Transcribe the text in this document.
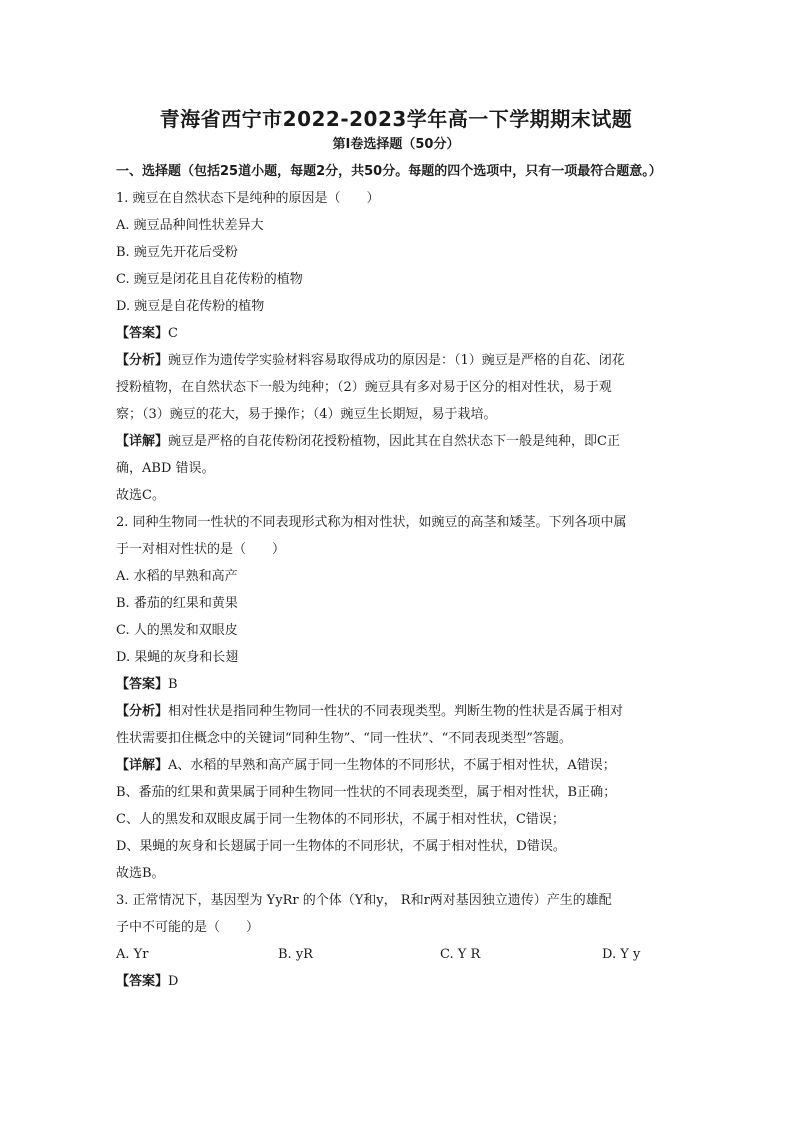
青海省西宁市2022-2023学年高一下学期期末试题

第I卷选择题（50分）

一、选择题（包括25道小题，每题2分，共50分。每题的四个选项中，只有一项最符合题意。）

1. 豌豆在自然状态下是纯种的原因是（　　）

A. 豌豆品种间性状差异大

B. 豌豆先开花后受粉

C. 豌豆是闭花且自花传粉的植物

D. 豌豆是自花传粉的植物

【答案】C

【分析】豌豆作为遗传学实验材料容易取得成功的原因是：（1）豌豆是严格的自花、闭花

授粉植物，在自然状态下一般为纯种；（2）豌豆具有多对易于区分的相对性状，易于观

察；（3）豌豆的花大，易于操作；（4）豌豆生长期短，易于栽培。

【详解】豌豆是严格的自花传粉闭花授粉植物，因此其在自然状态下一般是纯种，即C正

确，ABD 错误。

故选C。

2. 同种生物同一性状的不同表现形式称为相对性状，如豌豆的高茎和矮茎。下列各项中属

于一对相对性状的是（　　）

A. 水稻的早熟和高产

B. 番茄的红果和黄果

C. 人的黑发和双眼皮

D. 果蝇的灰身和长翅

【答案】B

【分析】相对性状是指同种生物同一性状的不同表现类型。判断生物的性状是否属于相对

性状需要扣住概念中的关键词“同种生物”、“同一性状”、“不同表现类型”答题。

【详解】A、水稻的早熟和高产属于同一生物体的不同形状，不属于相对性状，A错误；

B、番茄的红果和黄果属于同种生物同一性状的不同表现类型，属于相对性状，B正确；

C、人的黑发和双眼皮属于同一生物体的不同形状，不属于相对性状，C错误；

D、果蝇的灰身和长翅属于同一生物体的不同形状，不属于相对性状，D错误。

故选B。

3. 正常情况下，基因型为 YyRr 的个体（Y和y， R和r两对基因独立遗传）产生的雄配

子中不可能的是（　　）

A. Yr	B. yR	C. Y R	D. Y y

【答案】D
